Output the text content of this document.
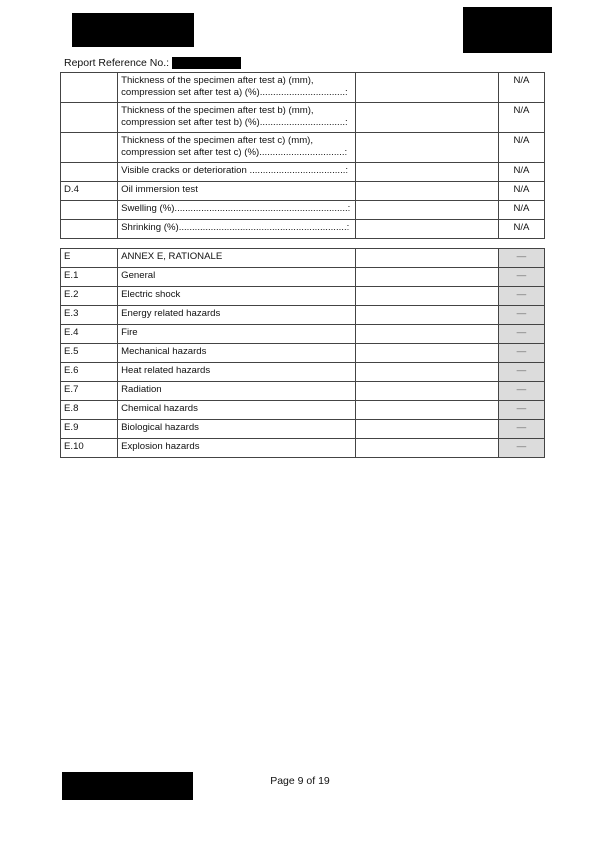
Report Reference No.:
	Thickness of the specimen after test a) (mm), compression set after test a) (%)................................:		N/A
	Thickness of the specimen after test b) (mm), compression set after test b) (%)................................:		N/A
	Thickness of the specimen after test c) (mm), compression set after test c) (%)................................:		N/A
	Visible cracks or deterioration ....................................:		N/A
D.4	Oil immersion test		N/A
	Swelling (%).................................................................:		N/A
	Shrinking (%)...............................................................:		N/A
E	ANNEX E, RATIONALE		—
E.1	General		—
E.2	Electric shock		—
E.3	Energy related hazards		—
E.4	Fire		—
E.5	Mechanical hazards		—
E.6	Heat related hazards		—
E.7	Radiation		—
E.8	Chemical hazards		—
E.9	Biological hazards		—
E.10	Explosion hazards		—
Page 9 of 19
